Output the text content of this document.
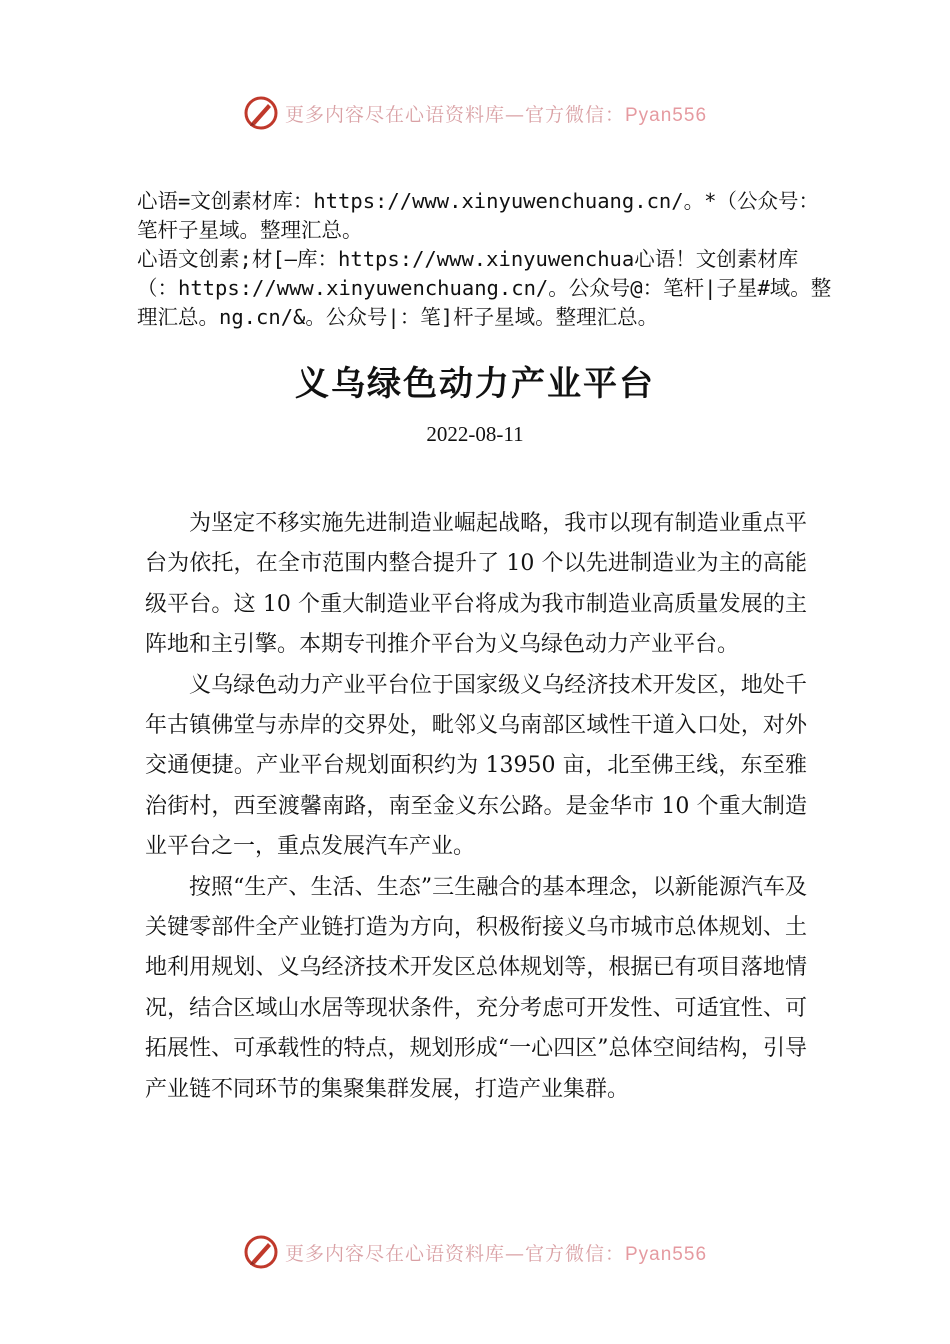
更多内容尽在心语资料库—官方微信：Pyan556

心语=文创素材库：https://www.xinyuwenchuang.cn/。*（公众号：笔杆子星域。整理汇总。

心语文创素;材[—库：https://www.xinyuwenchua心语！文创素材库（：https://www.xinyuwenchuang.cn/。公众号@：笔杆|子星#域。整理汇总。ng.cn/&。公众号|：笔]杆子星域。整理汇总。

义乌绿色动力产业平台
2022-08-11

为坚定不移实施先进制造业崛起战略，我市以现有制造业重点平台为依托，在全市范围内整合提升了 10 个以先进制造业为主的高能级平台。这 10 个重大制造业平台将成为我市制造业高质量发展的主阵地和主引擎。本期专刊推介平台为义乌绿色动力产业平台。

义乌绿色动力产业平台位于国家级义乌经济技术开发区，地处千年古镇佛堂与赤岸的交界处，毗邻义乌南部区域性干道入口处，对外交通便捷。产业平台规划面积约为 13950 亩，北至佛王线，东至雅治街村，西至渡馨南路，南至金义东公路。是金华市 10 个重大制造业平台之一，重点发展汽车产业。

按照“生产、生活、生态”三生融合的基本理念，以新能源汽车及关键零部件全产业链打造为方向，积极衔接义乌市城市总体规划、土地利用规划、义乌经济技术开发区总体规划等，根据已有项目落地情况，结合区域山水居等现状条件，充分考虑可开发性、可适宜性、可拓展性、可承载性的特点，规划形成“一心四区”总体空间结构，引导产业链不同环节的集聚集群发展，打造产业集群。

更多内容尽在心语资料库—官方微信：Pyan556
